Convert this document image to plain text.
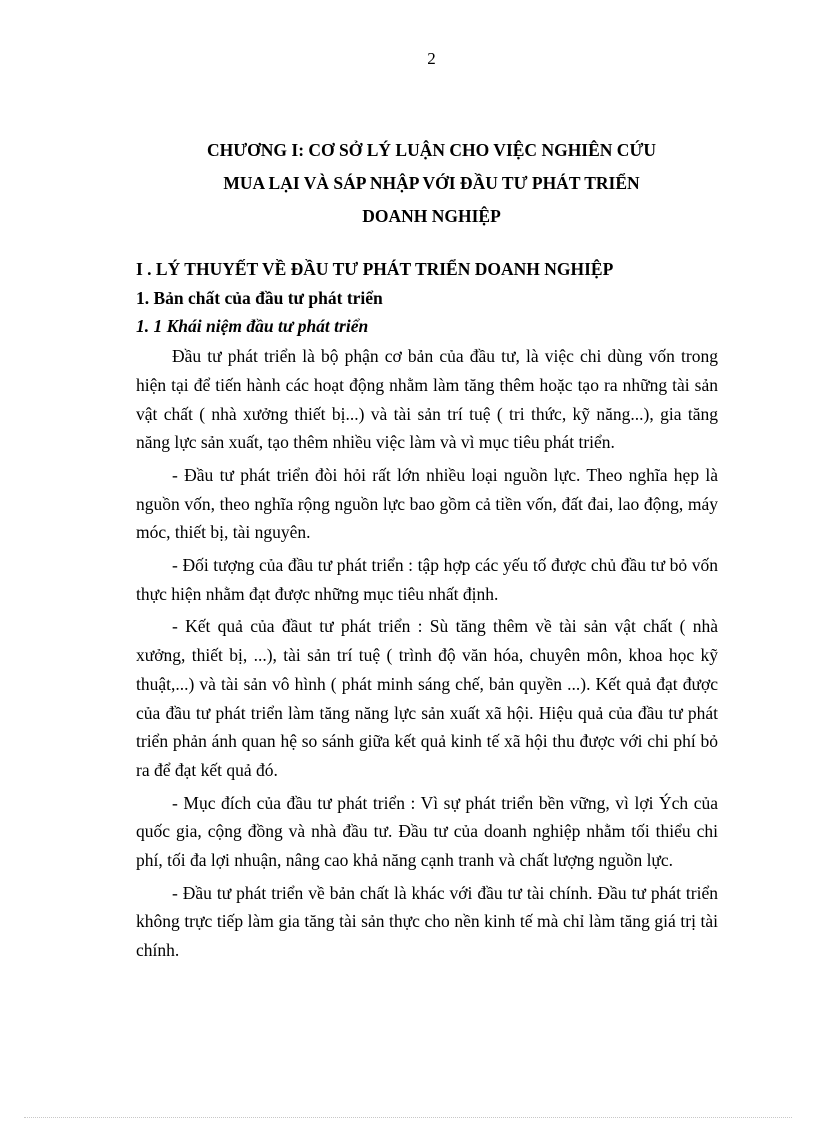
2
CHƯƠNG I: CƠ SỞ LÝ LUẬN CHO VIỆC NGHIÊN CỨU
MUA LẠI VÀ SÁP NHẬP VỚI ĐẦU TƯ PHÁT TRIỂN
DOANH NGHIỆP
I . LÝ THUYẾT VỀ ĐẦU TƯ PHÁT TRIỂN DOANH NGHIỆP
1. Bản chất của đầu tư phát triển
1. 1 Khái niệm đầu tư phát triển

Đầu tư phát triển là bộ phận cơ bản của đầu tư, là việc chi dùng vốn trong hiện tại để tiến hành các hoạt động nhằm làm tăng thêm hoặc tạo ra những tài sản vật chất ( nhà xưởng thiết bị...) và tài sản trí tuệ ( tri thức, kỹ năng...), gia tăng năng lực sản xuất, tạo thêm nhiều việc làm và vì mục tiêu phát triển.

- Đầu tư phát triển đòi hỏi rất lớn nhiều loại nguồn lực. Theo nghĩa hẹp là nguồn vốn, theo nghĩa rộng nguồn lực bao gồm cả tiền vốn, đất đai, lao động, máy móc, thiết bị, tài nguyên.

- Đối tượng của đầu tư phát triển : tập hợp các yếu tố được chủ đầu tư bỏ vốn thực hiện nhằm đạt được những mục tiêu nhất định.

- Kết quả của đầut tư phát triển : Sù tăng thêm về tài sản vật chất ( nhà xưởng, thiết bị, ...), tài sản trí tuệ ( trình độ văn hóa, chuyên môn, khoa học kỹ thuật,...) và tài sản vô hình ( phát minh sáng chế, bản quyền ...). Kết quả đạt được của đầu tư phát triển làm tăng năng lực sản xuất xã hội. Hiệu quả của đầu tư phát triển phản ánh quan hệ so sánh giữa kết quả kinh tế xã hội thu được với chi phí bỏ ra để đạt kết quả đó.

- Mục đích của đầu tư phát triển : Vì sự phát triển bền vững, vì lợi Ých của quốc gia, cộng đồng và nhà đầu tư. Đầu tư của doanh nghiệp nhằm tối thiểu chi phí, tối đa lợi nhuận, nâng cao khả năng cạnh tranh và chất lượng nguồn lực.

- Đầu tư phát triển về bản chất là khác với đầu tư tài chính. Đầu tư phát triển không trực tiếp làm gia tăng tài sản thực cho nền kinh tế mà chỉ làm tăng giá trị tài chính.
